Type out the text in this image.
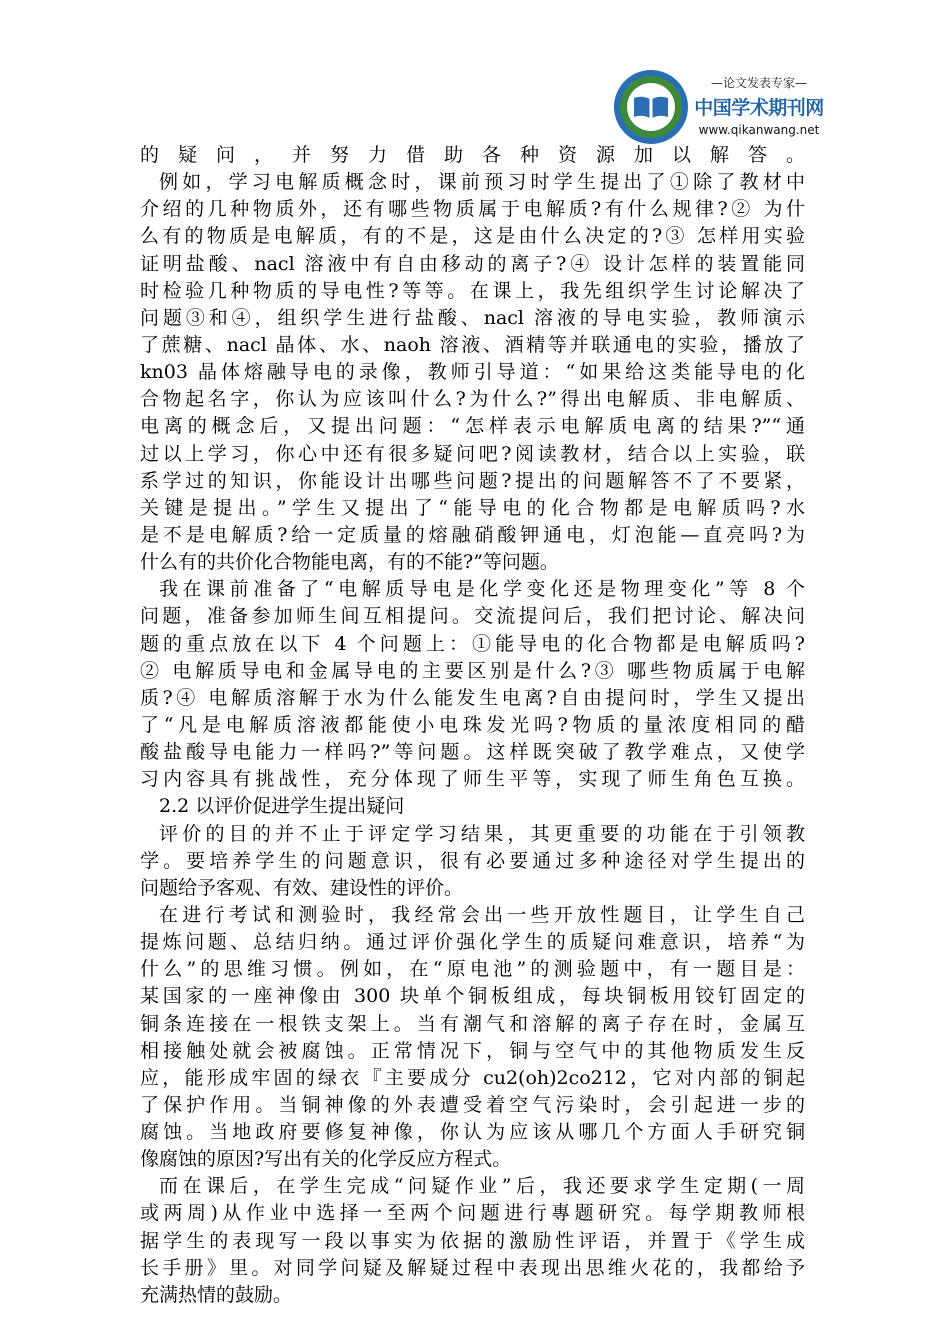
—论文发表专家—
中国学术期刊网
www.qikanwang.net
的疑问，并努力借助各种资源加以解答。
例如，学习电解质概念时，课前预习时学生提出了①除了教材中
介绍的几种物质外，还有哪些物质属于电解质?有什么规律?② 为什
么有的物质是电解质，有的不是，这是由什么决定的?③ 怎样用实验
证明盐酸、nacl 溶液中有自由移动的离子?④ 设计怎样的装置能同
时检验几种物质的导电性?等等。在课上，我先组织学生讨论解决了
问题③和④，组织学生进行盐酸、nacl 溶液的导电实验，教师演示
了蔗糖、nacl 晶体、水、naoh 溶液、酒精等并联通电的实验，播放了
kn03 晶体熔融导电的录像，教师引导道：“如果给这类能导电的化
合物起名字，你认为应该叫什么?为什么?”得出电解质、非电解质、
电离的概念后，又提出问题：“怎样表示电解质电离的结果?”“通
过以上学习，你心中还有很多疑问吧?阅读教材，结合以上实验，联
系学过的知识，你能设计出哪些问题?提出的问题解答不了不要紧，
关键是提出。”学生又提出了“能导电的化合物都是电解质吗?水
是不是电解质?给一定质量的熔融硝酸钾通电，灯泡能—直亮吗?为
什么有的共价化合物能电离，有的不能?”等问题。
我在课前准备了“电解质导电是化学变化还是物理变化”等 8 个
问题，准备参加师生间互相提问。交流提问后，我们把讨论、解决问
题的重点放在以下 4 个问题上：①能导电的化合物都是电解质吗?
② 电解质导电和金属导电的主要区别是什么?③ 哪些物质属于电解
质?④ 电解质溶解于水为什么能发生电离?自由提问时，学生又提出
了“凡是电解质溶液都能使小电珠发光吗?物质的量浓度相同的醋
酸盐酸导电能力一样吗?”等问题。这样既突破了教学难点，又使学
习内容具有挑战性，充分体现了师生平等，实现了师生角色互换。
2.2 以评价促进学生提出疑问
评价的目的并不止于评定学习结果，其更重要的功能在于引领教
学。要培养学生的问题意识，很有必要通过多种途径对学生提出的
问题给予客观、有效、建设性的评价。
在进行考试和测验时，我经常会出一些开放性题目，让学生自己
提炼问题、总结归纳。通过评价强化学生的质疑问难意识，培养“为
什么”的思维习惯。例如，在“原电池”的测验题中，有一题目是：
某国家的一座神像由 300 块单个铜板组成，每块铜板用铰钉固定的
铜条连接在一根铁支架上。当有潮气和溶解的离子存在时，金属互
相接触处就会被腐蚀。正常情况下，铜与空气中的其他物质发生反
应，能形成牢固的绿衣『主要成分 cu2(oh)2co212，它对内部的铜起
了保护作用。当铜神像的外表遭受着空气污染时，会引起进一步的
腐蚀。当地政府要修复神像，你认为应该从哪几个方面人手研究铜
像腐蚀的原因?写出有关的化学反应方程式。
而在课后，在学生完成“问疑作业”后，我还要求学生定期(一周
或两周)从作业中选择一至两个问题进行專题研究。每学期教师根
据学生的表现写一段以事实为依据的激励性评语，并置于《学生成
长手册》里。对同学问疑及解疑过程中表现出思维火花的，我都给予
充满热情的鼓励。
